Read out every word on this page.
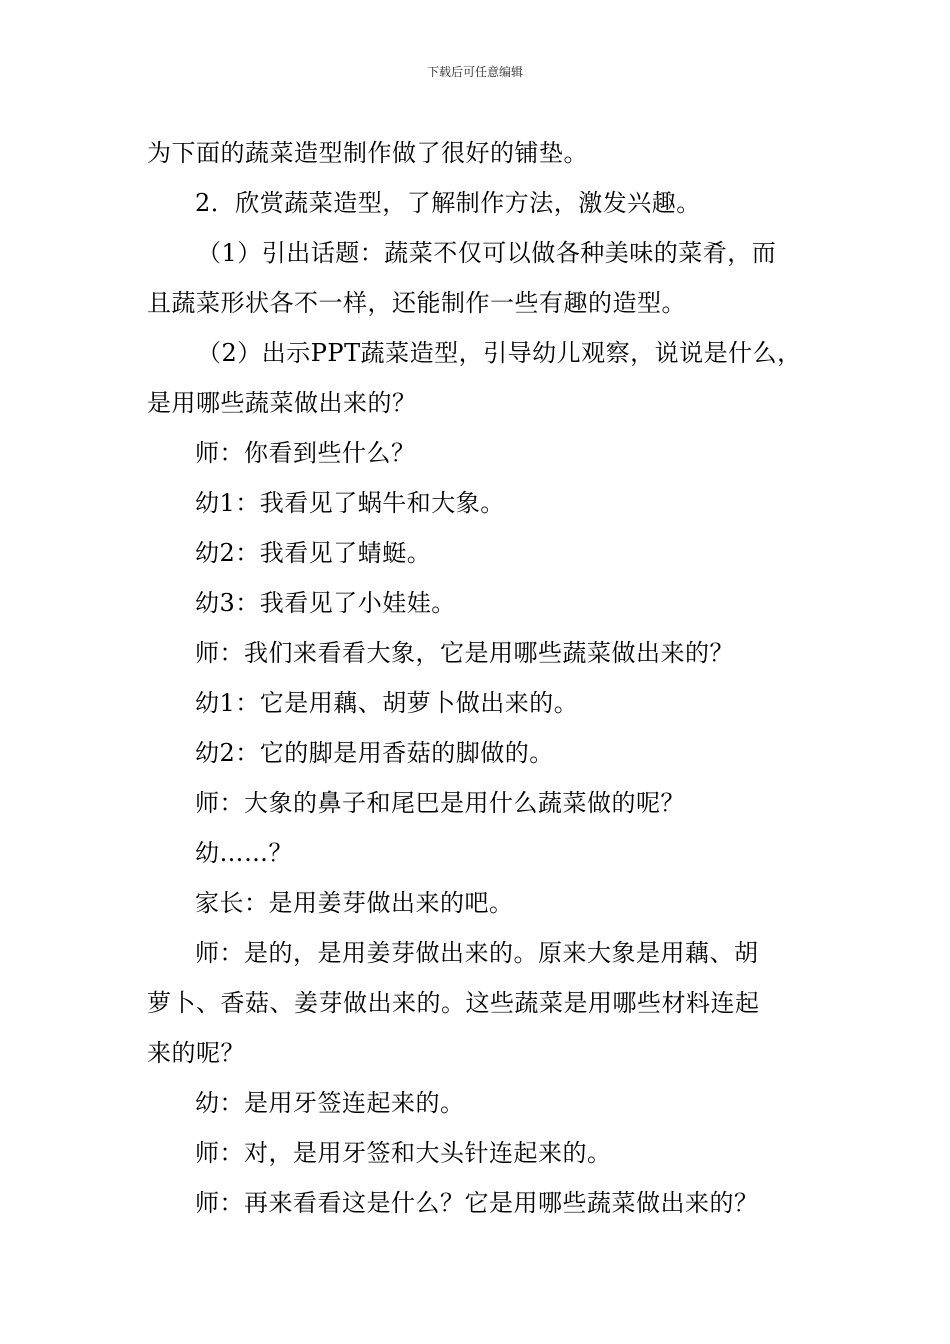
下载后可任意编辑
为下面的蔬菜造型制作做了很好的铺垫。
2．欣赏蔬菜造型，了解制作方法，激发兴趣。
（1）引出话题：蔬菜不仅可以做各种美味的菜肴，而
且蔬菜形状各不一样，还能制作一些有趣的造型。
（2）出示PPT蔬菜造型，引导幼儿观察，说说是什么，
是用哪些蔬菜做出来的？
师：你看到些什么？
幼1：我看见了蜗牛和大象。
幼2：我看见了蜻蜓。
幼3：我看见了小娃娃。
师：我们来看看大象，它是用哪些蔬菜做出来的？
幼1：它是用藕、胡萝卜做出来的。
幼2：它的脚是用香菇的脚做的。
师：大象的鼻子和尾巴是用什么蔬菜做的呢？
幼……？
家长：是用姜芽做出来的吧。
师：是的，是用姜芽做出来的。原来大象是用藕、胡
萝卜、香菇、姜芽做出来的。这些蔬菜是用哪些材料连起
来的呢？
幼：是用牙签连起来的。
师：对，是用牙签和大头针连起来的。
师：再来看看这是什么？它是用哪些蔬菜做出来的？
